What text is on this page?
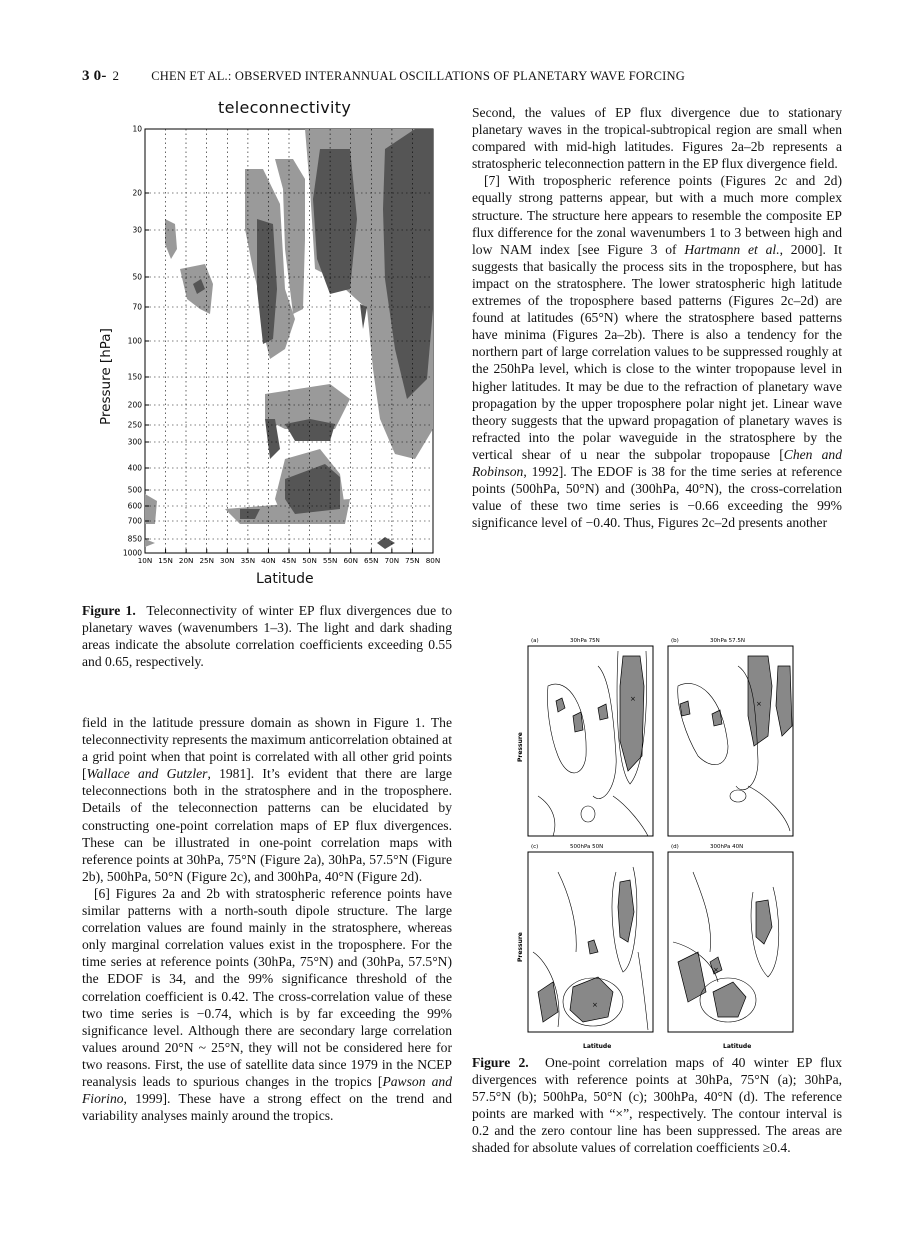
3 0- 2	CHEN ET AL.: OBSERVED INTERANNUAL OSCILLATIONS OF PLANETARY WAVE FORCING
teleconnectivity
Pressure [hPa]
Latitude
10
20
30
50
70
100
150
200
250
300
400
500
600
700
850
1000
10N 15N 20N 25N 30N 35N 40N 45N 50N 55N 60N 65N 70N 75N 80N
Figure 1. Teleconnectivity of winter EP flux divergences due to planetary waves (wavenumbers 1–3). The light and dark shading areas indicate the absolute correlation coefficients exceeding 0.55 and 0.65, respectively.

field in the latitude pressure domain as shown in Figure 1. The teleconnectivity represents the maximum anticorrelation obtained at a grid point when that point is correlated with all other grid points [Wallace and Gutzler, 1981]. It’s evident that there are large teleconnections both in the stratosphere and in the troposphere. Details of the teleconnection patterns can be elucidated by constructing one-point correlation maps of EP flux divergences. These can be illustrated in one-point correlation maps with reference points at 30hPa, 75°N (Figure 2a), 30hPa, 57.5°N (Figure 2b), 500hPa, 50°N (Figure 2c), and 300hPa, 40°N (Figure 2d).

[6] Figures 2a and 2b with stratospheric reference points have similar patterns with a north-south dipole structure. The large correlation values are found mainly in the stratosphere, whereas only marginal correlation values exist in the troposphere. For the time series at reference points (30hPa, 75°N) and (30hPa, 57.5°N) the EDOF is 34, and the 99% significance threshold of the correlation coefficient is 0.42. The cross-correlation value of these two time series is −0.74, which is by far exceeding the 99% significance level. Although there are secondary large correlation values around 20°N ~ 25°N, they will not be considered here for two reasons. First, the use of satellite data since 1979 in the NCEP reanalysis leads to spurious changes in the tropics [Pawson and Fiorino, 1999]. These have a strong effect on the trend and variability analyses mainly around the tropics.

Second, the values of EP flux divergence due to stationary planetary waves in the tropical-subtropical region are small when compared with mid-high latitudes. Figures 2a–2b represents a stratospheric teleconnection pattern in the EP flux divergence field.

[7] With tropospheric reference points (Figures 2c and 2d) equally strong patterns appear, but with a much more complex structure. The structure here appears to resemble the composite EP flux difference for the zonal wavenumbers 1 to 3 between high and low NAM index [see Figure 3 of Hartmann et al., 2000]. It suggests that basically the process sits in the troposphere, but has impact on the stratosphere. The lower stratospheric high latitude extremes of the troposphere based patterns (Figures 2c–2d) are found at latitudes (65°N) where the stratosphere based patterns have minima (Figures 2a–2b). There is also a tendency for the northern part of large correlation values to be suppressed roughly at the 250hPa level, which is close to the winter tropopause level in higher latitudes. It may be due to the refraction of planetary wave propagation by the upper troposphere polar night jet. Linear wave theory suggests that the upward propagation of planetary waves is refracted into the polar waveguide in the stratosphere by the vertical shear of u near the subpolar tropopause [Chen and Robinson, 1992]. The EDOF is 38 for the time series at reference points (500hPa, 50°N) and (300hPa, 40°N), the cross-correlation value of these two time series is −0.66 exceeding the 99% significance level of −0.40. Thus, Figures 2c–2d presents another

×
(a)	30hPa 75N
×
(b)	30hPa 57.5N
×
(c)	500hPa 50N
Latitude
×
(d)	300hPa 40N
Latitude
Pressure
Pressure
Figure 2. One-point correlation maps of 40 winter EP flux divergences with reference points at 30hPa, 75°N (a); 30hPa, 57.5°N (b); 500hPa, 50°N (c); 300hPa, 40°N (d). The reference points are marked with “×”, respectively. The contour interval is 0.2 and the zero contour line has been suppressed. The areas are shaded for absolute values of correlation coefficients ≥0.4.
